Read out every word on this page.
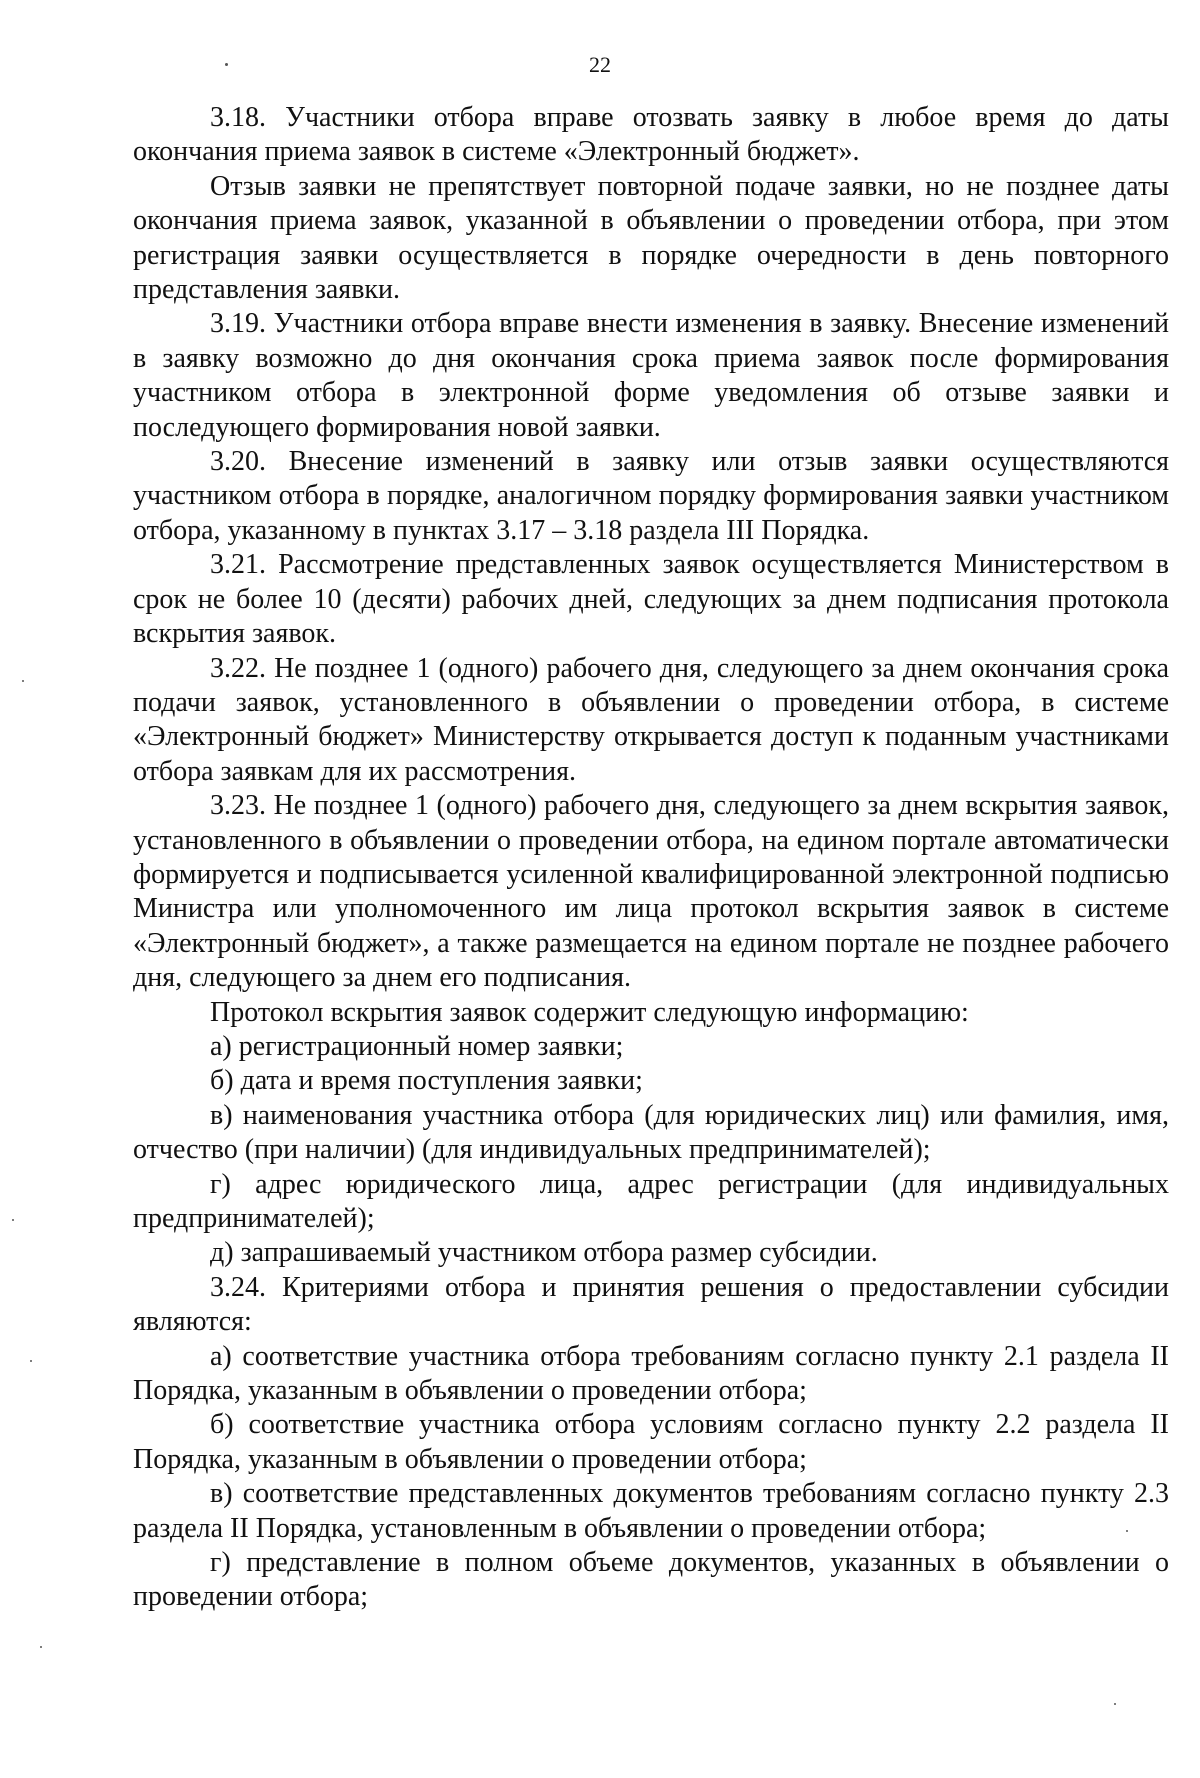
22

3.18. Участники отбора вправе отозвать заявку в любое время до даты окончания приема заявок в системе «Электронный бюджет».

Отзыв заявки не препятствует повторной подаче заявки, но не позднее даты окончания приема заявок, указанной в объявлении о проведении отбора, при этом регистрация заявки осуществляется в порядке очередности в день повторного представления заявки.

3.19. Участники отбора вправе внести изменения в заявку. Внесение изменений в заявку возможно до дня окончания срока приема заявок после формирования участником отбора в электронной форме уведомления об отзыве заявки и последующего формирования новой заявки.

3.20. Внесение изменений в заявку или отзыв заявки осуществляются участником отбора в порядке, аналогичном порядку формирования заявки участником отбора, указанному в пунктах 3.17 – 3.18 раздела III Порядка.

3.21. Рассмотрение представленных заявок осуществляется Министерством в срок не более 10 (десяти) рабочих дней, следующих за днем подписания протокола вскрытия заявок.

3.22. Не позднее 1 (одного) рабочего дня, следующего за днем окончания срока подачи заявок, установленного в объявлении о проведении отбора, в системе «Электронный бюджет» Министерству открывается доступ к поданным участниками отбора заявкам для их рассмотрения.

3.23. Не позднее 1 (одного) рабочего дня, следующего за днем вскрытия заявок, установленного в объявлении о проведении отбора, на едином портале автоматически формируется и подписывается усиленной квалифицированной электронной подписью Министра или уполномоченного им лица протокол вскрытия заявок в системе «Электронный бюджет», а также размещается на едином портале не позднее рабочего дня, следующего за днем его подписания.

Протокол вскрытия заявок содержит следующую информацию:

а) регистрационный номер заявки;

б) дата и время поступления заявки;

в) наименования участника отбора (для юридических лиц) или фамилия, имя, отчество (при наличии) (для индивидуальных предпринимателей);

г) адрес юридического лица, адрес регистрации (для индивидуальных предпринимателей);

д) запрашиваемый участником отбора размер субсидии.

3.24. Критериями отбора и принятия решения о предоставлении субсидии являются:

а) соответствие участника отбора требованиям согласно пункту 2.1 раздела II Порядка, указанным в объявлении о проведении отбора;

б) соответствие участника отбора условиям согласно пункту 2.2 раздела II Порядка, указанным в объявлении о проведении отбора;

в) соответствие представленных документов требованиям согласно пункту 2.3 раздела II Порядка, установленным в объявлении о проведении отбора;

г) представление в полном объеме документов, указанных в объявлении о проведении отбора;
